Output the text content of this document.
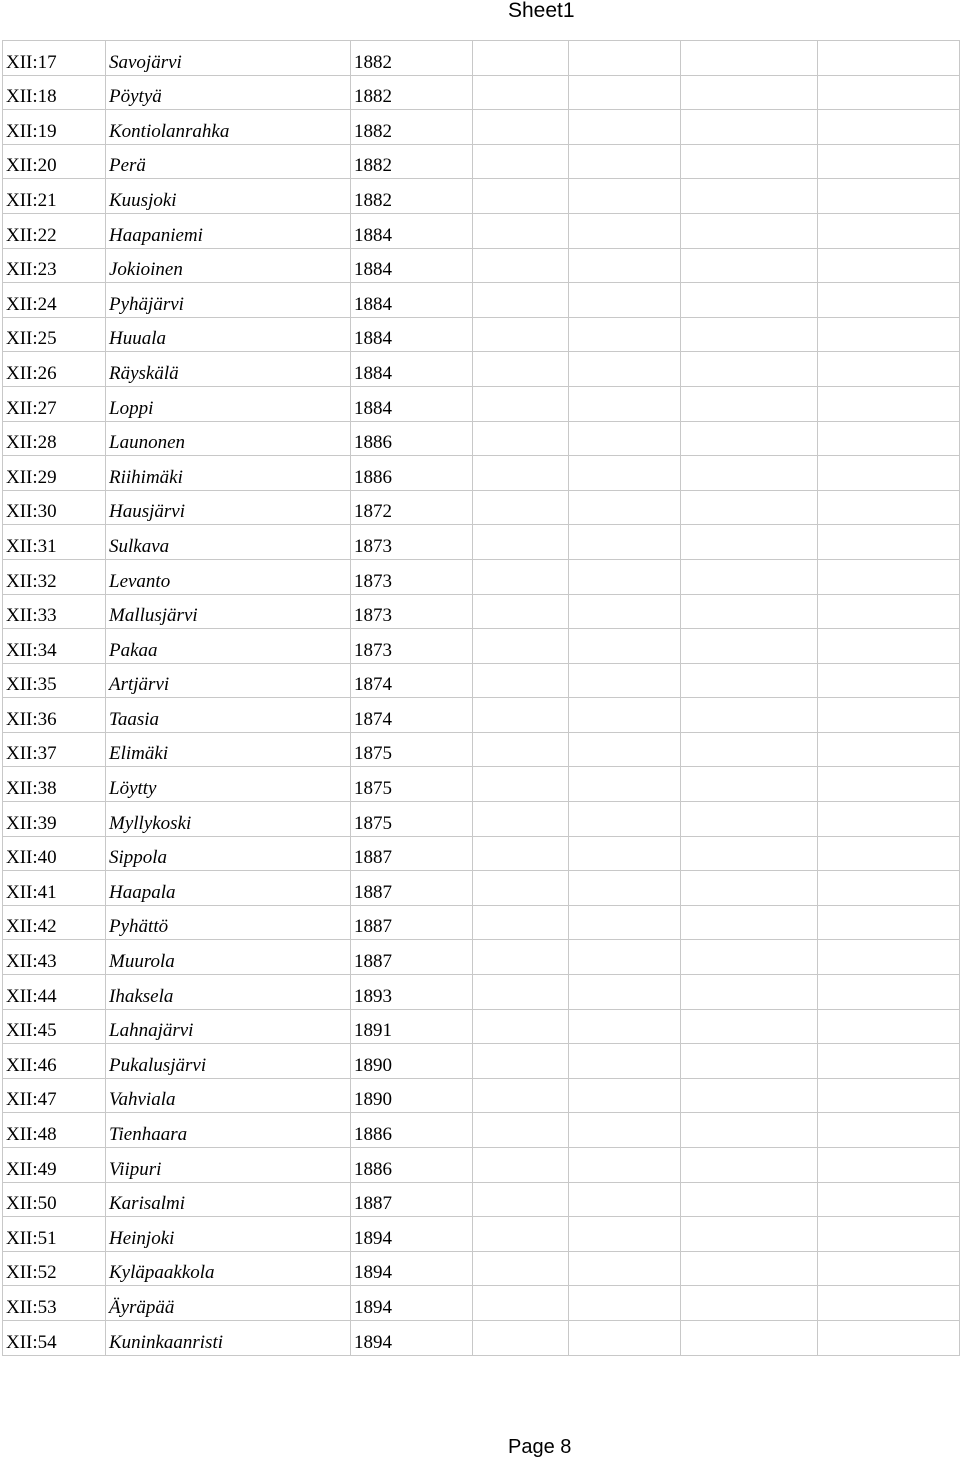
Sheet1
XII:17	Savojärvi	1882				
XII:18	Pöytyä	1882				
XII:19	Kontiolanrahka	1882				
XII:20	Perä	1882				
XII:21	Kuusjoki	1882				
XII:22	Haapaniemi	1884				
XII:23	Jokioinen	1884				
XII:24	Pyhäjärvi	1884				
XII:25	Huuala	1884				
XII:26	Räyskälä	1884				
XII:27	Loppi	1884				
XII:28	Launonen	1886				
XII:29	Riihimäki	1886				
XII:30	Hausjärvi	1872				
XII:31	Sulkava	1873				
XII:32	Levanto	1873				
XII:33	Mallusjärvi	1873				
XII:34	Pakaa	1873				
XII:35	Artjärvi	1874				
XII:36	Taasia	1874				
XII:37	Elimäki	1875				
XII:38	Löytty	1875				
XII:39	Myllykoski	1875				
XII:40	Sippola	1887				
XII:41	Haapala	1887				
XII:42	Pyhättö	1887				
XII:43	Muurola	1887				
XII:44	Ihaksela	1893				
XII:45	Lahnajärvi	1891				
XII:46	Pukalusjärvi	1890				
XII:47	Vahviala	1890				
XII:48	Tienhaara	1886				
XII:49	Viipuri	1886				
XII:50	Karisalmi	1887				
XII:51	Heinjoki	1894				
XII:52	Kyläpaakkola	1894				
XII:53	Äyräpää	1894				
XII:54	Kuninkaanristi	1894				
Page 8
